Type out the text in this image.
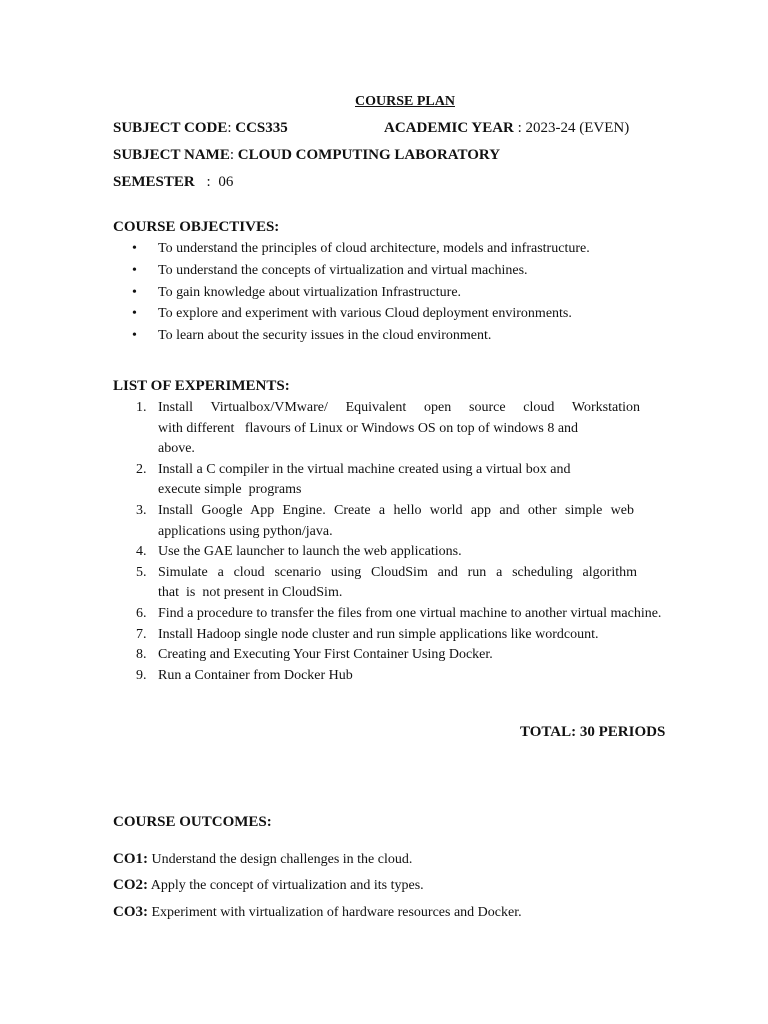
COURSE PLAN
SUBJECT CODE: CCS335	ACADEMIC YEAR : 2023-24 (EVEN)
SUBJECT NAME: CLOUD COMPUTING LABORATORY
SEMESTER : 06
COURSE OBJECTIVES:
• To understand the principles of cloud architecture, models and infrastructure.
• To understand the concepts of virtualization and virtual machines.
• To gain knowledge about virtualization Infrastructure.
• To explore and experiment with various Cloud deployment environments.
• To learn about the security issues in the cloud environment.
LIST OF EXPERIMENTS:
1. Install Virtualbox/VMware/ Equivalent open source cloud Workstation
with different   flavours of Linux or Windows OS on top of windows 8 and
above.
2. Install a C compiler in the virtual machine created using a virtual box and
execute simple  programs
3. Install Google App Engine. Create a hello world app and other simple web
applications using python/java.
4. Use the GAE launcher to launch the web applications.
5. Simulate a cloud scenario using CloudSim and run a scheduling algorithm
that  is  not present in CloudSim.
6. Find a procedure to transfer the files from one virtual machine to another virtual machine.
7. Install Hadoop single node cluster and run simple applications like wordcount.
8. Creating and Executing Your First Container Using Docker.
9. Run a Container from Docker Hub
TOTAL: 30 PERIODS
COURSE OUTCOMES:
CO1: Understand the design challenges in the cloud.
CO2: Apply the concept of virtualization and its types.
CO3: Experiment with virtualization of hardware resources and Docker.
